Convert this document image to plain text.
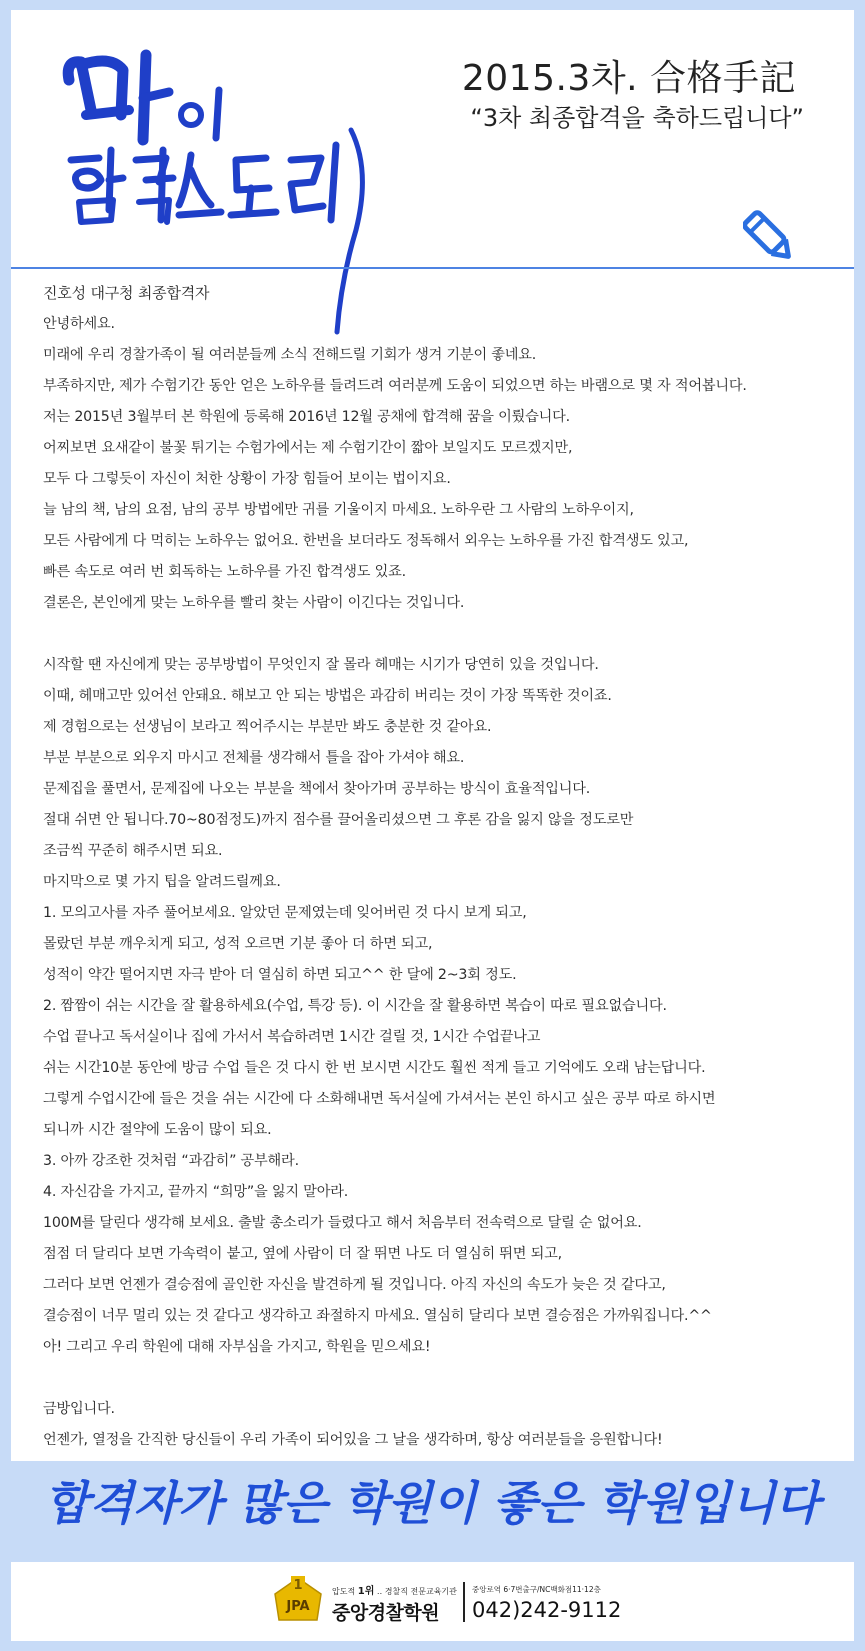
2015.3차. 合格手記
“3차 최종합격을 축하드립니다”
진호성 대구청 최종합격자
안녕하세요.
미래에 우리 경찰가족이 될 여러분들께 소식 전해드릴 기회가 생겨 기분이 좋네요.
부족하지만, 제가 수험기간 동안 얻은 노하우를 들려드려 여러분께 도움이 되었으면 하는 바램으로 몇 자 적어봅니다.
저는 2015년 3월부터 본 학원에 등록해 2016년 12월 공채에 합격해 꿈을 이뤘습니다.
어찌보면 요새같이 불꽃 튀기는 수험가에서는 제 수험기간이 짧아 보일지도 모르겠지만,
모두 다 그렇듯이 자신이 처한 상황이 가장 힘들어 보이는 법이지요.
늘 남의 책, 남의 요점, 남의 공부 방법에만 귀를 기울이지 마세요. 노하우란 그 사람의 노하우이지,
모든 사람에게 다 먹히는 노하우는 없어요. 한번을 보더라도 정독해서 외우는 노하우를 가진 합격생도 있고,
빠른 속도로 여러 번 회독하는 노하우를 가진 합격생도 있죠.
결론은, 본인에게 맞는 노하우를 빨리 찾는 사람이 이긴다는 것입니다.
시작할 땐 자신에게 맞는 공부방법이 무엇인지 잘 몰라 헤매는 시기가 당연히 있을 것입니다.
이때, 헤매고만 있어선 안돼요. 해보고 안 되는 방법은 과감히 버리는 것이 가장 똑똑한 것이죠.
제 경험으로는 선생님이 보라고 찍어주시는 부분만 봐도 충분한 것 같아요.
부분 부분으로 외우지 마시고 전체를 생각해서 틀을 잡아 가셔야 해요.
문제집을 풀면서, 문제집에 나오는 부분을 책에서 찾아가며 공부하는 방식이 효율적입니다.
절대 쉬면 안 됩니다.70~80점정도)까지 점수를 끌어올리셨으면 그 후론 감을 잃지 않을 정도로만
조금씩 꾸준히 해주시면 되요.
마지막으로 몇 가지 팁을 알려드릴께요.
1. 모의고사를 자주 풀어보세요. 알았던 문제였는데 잊어버린 것 다시 보게 되고,
몰랐던 부분 깨우치게 되고, 성적 오르면 기분 좋아 더 하면 되고,
성적이 약간 떨어지면 자극 받아 더 열심히 하면 되고^^ 한 달에 2~3회 정도.
2. 짬짬이 쉬는 시간을 잘 활용하세요(수업, 특강 등). 이 시간을 잘 활용하면 복습이 따로 필요없습니다.
수업 끝나고 독서실이나 집에 가서서 복습하려면 1시간 걸릴 것, 1시간 수업끝나고
쉬는 시간10분 동안에 방금 수업 들은 것 다시 한 번 보시면 시간도 훨씬 적게 들고 기억에도 오래 남는답니다.
그렇게 수업시간에 들은 것을 쉬는 시간에 다 소화해내면 독서실에 가셔서는 본인 하시고 싶은 공부 따로 하시면
되니까 시간 절약에 도움이 많이 되요.
3. 아까 강조한 것처럼 “과감히” 공부해라.
4. 자신감을 가지고, 끝까지 “희망”을 잃지 말아라.
100M를 달린다 생각해 보세요. 출발 총소리가 들렸다고 해서 처음부터 전속력으로 달릴 순 없어요.
점점 더 달리다 보면 가속력이 붙고, 옆에 사람이 더 잘 뛰면 나도 더 열심히 뛰면 되고,
그러다 보면 언젠가 결승점에 골인한 자신을 발견하게 될 것입니다. 아직 자신의 속도가 늦은 것 같다고,
결승점이 너무 멀리 있는 것 같다고 생각하고 좌절하지 마세요. 열심히 달리다 보면 결승점은 가까워집니다.^^
아! 그리고 우리 학원에 대해 자부심을 가지고, 학원을 믿으세요!
금방입니다.
언젠가, 열정을 간직한 당신들이 우리 가족이 되어있을 그 날을 생각하며, 항상 여러분들을 응원합니다!
합격자가 많은 학원이 좋은 학원입니다
1
JPA
압도적 1위 ‥ 경찰직 전문교육기관
중앙경찰학원
중앙로역 6·7번출구/NC백화점11·12층
042)242-9112
